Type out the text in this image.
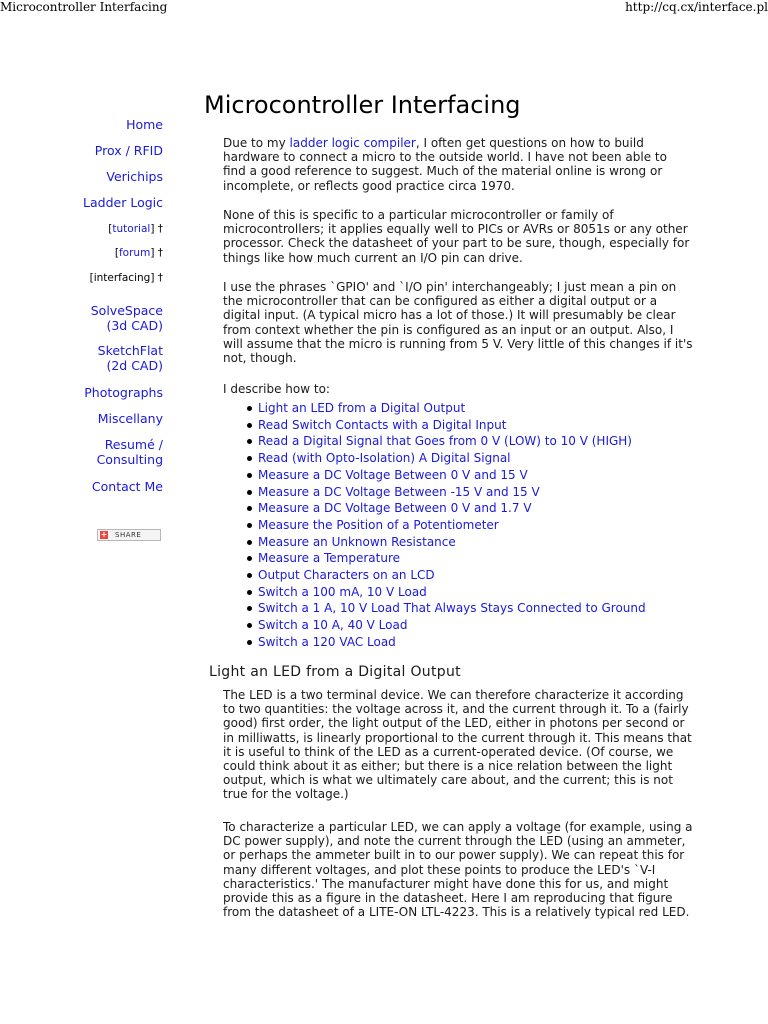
Microcontroller Interfacing	http://cq.cx/interface.pl
Microcontroller Interfacing
Home
Prox / RFID
Verichips
Ladder Logic
[tutorial] †
[forum] †
[interfacing] †
SolveSpace
(3d CAD)
SketchFlat
(2d CAD)
Photographs
Miscellany
Resumé /
Consulting
Contact Me
+ SHARE

Due to my ladder logic compiler, I often get questions on how to build hardware to connect a micro to the outside world. I have not been able to find a good reference to suggest. Much of the material online is wrong or incomplete, or reflects good practice circa 1970.

None of this is specific to a particular microcontroller or family of microcontrollers; it applies equally well to PICs or AVRs or 8051s or any other processor. Check the datasheet of your part to be sure, though, especially for things like how much current an I/O pin can drive.

I use the phrases `GPIO' and `I/O pin' interchangeably; I just mean a pin on the microcontroller that can be configured as either a digital output or a digital input. (A typical micro has a lot of those.) It will presumably be clear from context whether the pin is configured as an input or an output. Also, I will assume that the micro is running from 5 V. Very little of this changes if it's not, though.

I describe how to:

Light an LED from a Digital Output
Read Switch Contacts with a Digital Input
Read a Digital Signal that Goes from 0 V (LOW) to 10 V (HIGH)
Read (with Opto-Isolation) A Digital Signal
Measure a DC Voltage Between 0 V and 15 V
Measure a DC Voltage Between -15 V and 15 V
Measure a DC Voltage Between 0 V and 1.7 V
Measure the Position of a Potentiometer
Measure an Unknown Resistance
Measure a Temperature
Output Characters on an LCD
Switch a 100 mA, 10 V Load
Switch a 1 A, 10 V Load That Always Stays Connected to Ground
Switch a 10 A, 40 V Load
Switch a 120 VAC Load

The LED is a two terminal device. We can therefore characterize it according to two quantities: the voltage across it, and the current through it. To a (fairly good) first order, the light output of the LED, either in photons per second or in milliwatts, is linearly proportional to the current through it. This means that it is useful to think of the LED as a current-operated device. (Of course, we could think about it as either; but there is a nice relation between the light output, which is what we ultimately care about, and the current; this is not true for the voltage.)

To characterize a particular LED, we can apply a voltage (for example, using a DC power supply), and note the current through the LED (using an ammeter, or perhaps the ammeter built in to our power supply). We can repeat this for many different voltages, and plot these points to produce the LED's `V-I characteristics.' The manufacturer might have done this for us, and might provide this as a figure in the datasheet. Here I am reproducing that figure from the datasheet of a LITE-ON LTL-4223. This is a relatively typical red LED.

Light an LED from a Digital Output
